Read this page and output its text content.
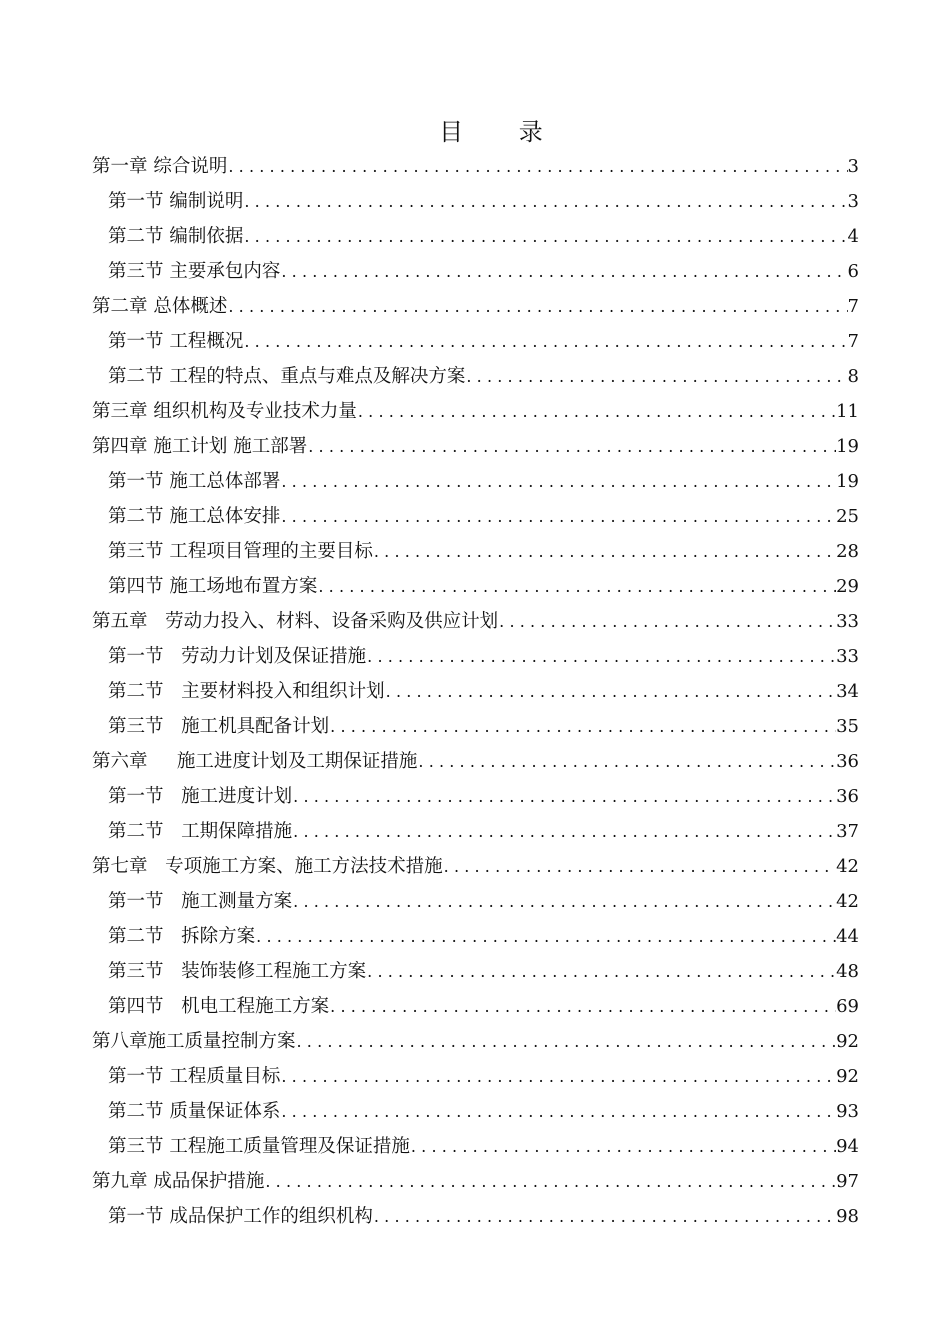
目 录
第一章 综合说明 .....	3
第一节 编制说明 .....	3
第二节 编制依据 .....	4
第三节 主要承包内容 .....	6
第二章 总体概述 .....	7
第一节 工程概况 .....	7
第二节 工程的特点、重点与难点及解决方案 .....	8
第三章 组织机构及专业技术力量 .....	11
第四章 施工计划 施工部署 .....	19
第一节 施工总体部署 .....	19
第二节 施工总体安排 .....	25
第三节 工程项目管理的主要目标 .....	28
第四节 施工场地布置方案 .....	29
第五章   劳动力投入、材料、设备采购及供应计划 .....	33
第一节   劳动力计划及保证措施 .....	33
第二节   主要材料投入和组织计划 .....	34
第三节   施工机具配备计划 .....	35
第六章     施工进度计划及工期保证措施 .....	36
第一节   施工进度计划 .....	36
第二节   工期保障措施 .....	37
第七章   专项施工方案、施工方法技术措施 .....	42
第一节   施工测量方案 .....	42
第二节   拆除方案 .....	44
第三节   装饰装修工程施工方案 .....	48
第四节   机电工程施工方案 .....	69
第八章施工质量控制方案 .....	92
第一节 工程质量目标 .....	92
第二节 质量保证体系 .....	93
第三节 工程施工质量管理及保证措施 .....	94
第九章 成品保护措施 .....	97
第一节 成品保护工作的组织机构 .....	98
